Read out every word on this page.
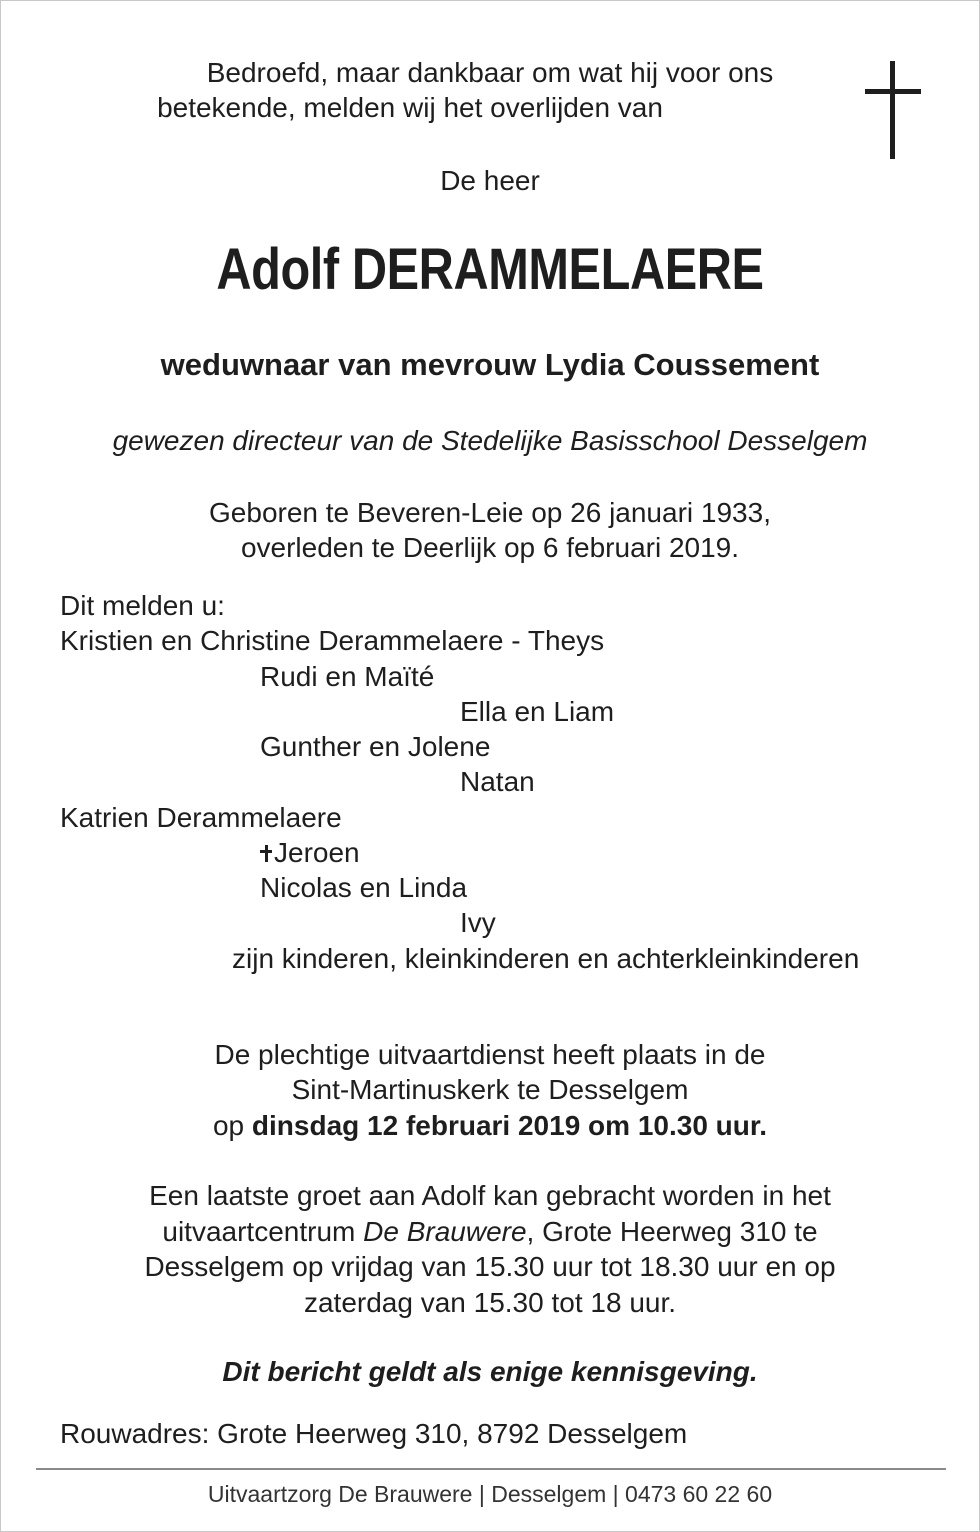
Bedroefd, maar dankbaar om wat hij voor ons

betekende, melden wij het overlijden van

De heer

Adolf DERAMMELAERE

weduwnaar van mevrouw Lydia Coussement

gewezen directeur van de Stedelijke Basisschool Desselgem

Geboren te Beveren-Leie op 26 januari 1933,

overleden te Deerlijk op 6 februari 2019.

Dit melden u:

Kristien en Christine Derammelaere - Theys

Rudi en Maïté

Ella en Liam

Gunther en Jolene

Natan

Katrien Derammelaere

Jeroen

Nicolas en Linda

Ivy

zijn kinderen, kleinkinderen en achterkleinkinderen

De plechtige uitvaartdienst heeft plaats in de

Sint-Martinuskerk te Desselgem

op dinsdag 12 februari 2019 om 10.30 uur.

Een laatste groet aan Adolf kan gebracht worden in het

uitvaartcentrum De Brauwere, Grote Heerweg 310 te

Desselgem op vrijdag van 15.30 uur tot 18.30 uur en op

zaterdag van 15.30 tot 18 uur.

Dit bericht geldt als enige kennisgeving.

Rouwadres: Grote Heerweg 310, 8792 Desselgem

Uitvaartzorg De Brauwere | Desselgem | 0473 60 22 60
